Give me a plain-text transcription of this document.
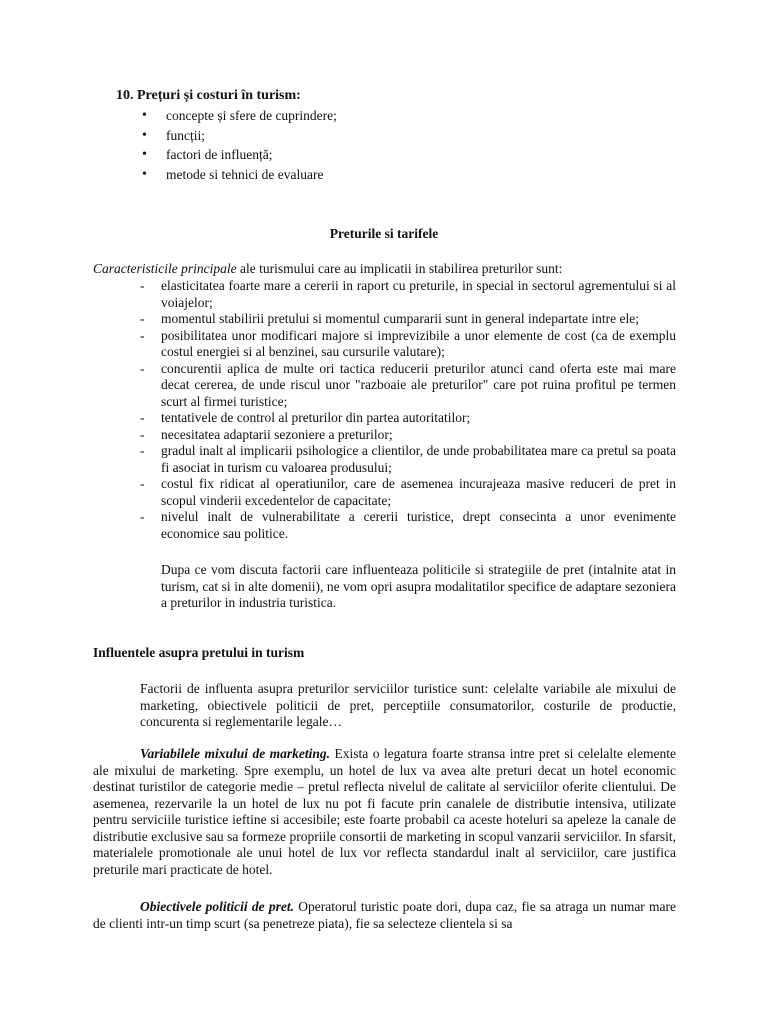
10. Prețuri și costuri în turism:
• concepte și sfere de cuprindere;
• funcții;
• factori de influență;
• metode si tehnici de evaluare
Preturile si tarifele

Caracteristicile principale ale turismului care au implicatii in stabilirea preturilor sunt:

- elasticitatea foarte mare a cererii in raport cu preturile, in special in sectorul agrementului si al voiajelor;
- momentul stabilirii pretului si momentul cumpararii sunt in general indepartate intre ele;
- posibilitatea unor modificari majore si imprevizibile a unor elemente de cost (ca de exemplu costul energiei si al benzinei, sau cursurile valutare);
- concurentii aplica de multe ori tactica reducerii preturilor atunci cand oferta este mai mare decat cererea, de unde riscul unor "razboaie ale preturilor" care pot ruina profitul pe termen scurt al firmei turistice;
- tentativele de control al preturilor din partea autoritatilor;
- necesitatea adaptarii sezoniere a preturilor;
- gradul inalt al implicarii psihologice a clientilor, de unde probabilitatea mare ca pretul sa poata fi asociat in turism cu valoarea produsului;
- costul fix ridicat al operatiunilor, care de asemenea incurajeaza masive reduceri de pret in scopul vinderii excedentelor de capacitate;
- nivelul inalt de vulnerabilitate a cererii turistice, drept consecinta a unor evenimente economice sau politice.

Dupa ce vom discuta factorii care influenteaza politicile si strategiile de pret (intalnite atat in turism, cat si in alte domenii), ne vom opri asupra modalitatilor specifice de adaptare sezoniera a preturilor in industria turistica.

Influentele asupra pretului in turism

Factorii de influenta asupra preturilor serviciilor turistice sunt: celelalte variabile ale mixului de marketing, obiectivele politicii de pret, perceptiile consumatorilor, costurile de productie, concurenta si reglementarile legale…

Variabilele mixului de marketing. Exista o legatura foarte stransa intre pret si celelalte elemente ale mixului de marketing. Spre exemplu, un hotel de lux va avea alte preturi decat un hotel economic destinat turistilor de categorie medie – pretul reflecta nivelul de calitate al serviciilor oferite clientului. De asemenea, rezervarile la un hotel de lux nu pot fi facute prin canalele de distributie intensiva, utilizate pentru serviciile turistice ieftine si accesibile; este foarte probabil ca aceste hoteluri sa apeleze la canale de distributie exclusive sau sa formeze propriile consortii de marketing in scopul vanzarii serviciilor. In sfarsit, materialele promotionale ale unui hotel de lux vor reflecta standardul inalt al serviciilor, care justifica preturile mari practicate de hotel.

Obiectivele politicii de pret. Operatorul turistic poate dori, dupa caz, fie sa atraga un numar mare de clienti intr-un timp scurt (sa penetreze piata), fie sa selecteze clientela si sa
